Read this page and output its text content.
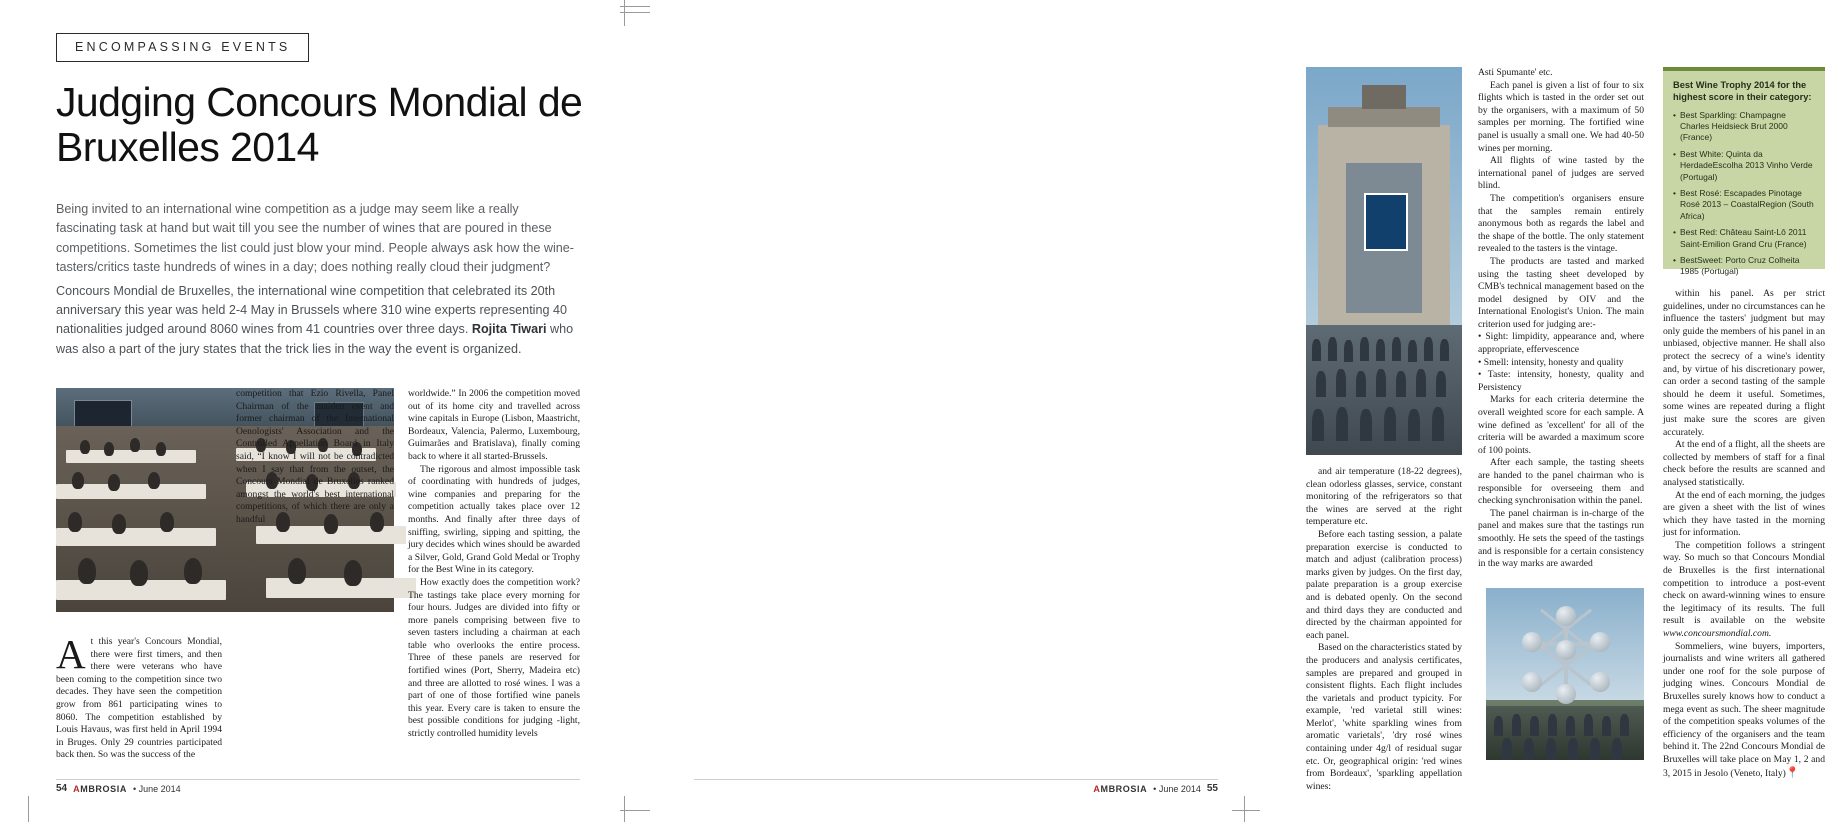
ENCOMPASSING EVENTS
Judging Concours Mondial de Bruxelles 2014

Being invited to an international wine competition as a judge may seem like a really fascinating task at hand but wait till you see the number of wines that are poured in these competitions. Sometimes the list could just blow your mind. People always ask how the wine-tasters/critics taste hundreds of wines in a day; does nothing really cloud their judgment?

Concours Mondial de Bruxelles, the international wine competition that celebrated its 20th anniversary this year was held 2-4 May in Brussels where 310 wine experts representing 40 nationalities judged around 8060 wines from 41 countries over three days. Rojita Tiwari who was also a part of the jury states that the trick lies in the way the event is organized.

At this year's Concours Mondial, there were first timers, and then there were veterans who have been coming to the competition since two decades. They have seen the competition grow from 861 participating wines to 8060. The competition established by Louis Havaus, was first held in April 1994 in Bruges. Only 29 countries participated back then. So was the success of the

competition that Ezio Rivella, Panel Chairman of the maiden event and former chairman of the International Oenologists' Association and the Controlled Appellation Board in Italy said, “I know I will not be contradicted when I say that from the outset, the Concours Mondial de Bruxelles ranked amongst the world's best international competitions, of which there are only a handful

worldwide.” In 2006 the competition moved out of its home city and travelled across wine capitals in Europe (Lisbon, Maastricht, Bordeaux, Valencia, Palermo, Luxembourg, Guimarães and Bratislava), finally coming back to where it all started-Brussels.

The rigorous and almost impossible task of coordinating with hundreds of judges, wine companies and preparing for the competition actually takes place over 12 months. And finally after three days of sniffing, swirling, sipping and spitting, the jury decides which wines should be awarded a Silver, Gold, Grand Gold Medal or Trophy for the Best Wine in its category.

How exactly does the competition work?The tastings take place every morning for four hours. Judges are divided into fifty or more panels comprising between five to seven tasters including a chairman at each table who overlooks the entire process. Three of these panels are reserved for fortified wines (Port, Sherry, Madeira etc) and three are allotted to rosé wines. I was a part of one of those fortified wine panels this year. Every care is taken to ensure the best possible conditions for judging -light, strictly controlled humidity levels

54 AMBROSIA • June 2014

and air temperature (18-22 degrees), clean odorless glasses, service, constant monitoring of the refrigerators so that the wines are served at the right temperature etc.

Before each tasting session, a palate preparation exercise is conducted to match and adjust (calibration process) marks given by judges. On the first day, palate preparation is a group exercise and is debated openly. On the second and third days they are conducted and directed by the chairman appointed for each panel.

Based on the characteristics stated by the producers and analysis certificates, samples are prepared and grouped in consistent flights. Each flight includes the varietals and product typicity. For example, 'red varietal still wines: Merlot', 'white sparkling wines from aromatic varietals', 'dry rosé wines containing under 4g/l of residual sugar etc. Or, geographical origin: 'red wines from Bordeaux', 'sparkling appellation wines:

Asti Spumante' etc.

Each panel is given a list of four to six flights which is tasted in the order set out by the organisers, with a maximum of 50 samples per morning. The fortified wine panel is usually a small one. We had 40-50 wines per morning.

All flights of wine tasted by the international panel of judges are served blind.

The competition's organisers ensure that the samples remain entirely anonymous both as regards the label and the shape of the bottle. The only statement revealed to the tasters is the vintage.

The products are tasted and marked using the tasting sheet developed by CMB's technical management based on the model designed by OIV and the International Enologist's Union. The main criterion used for judging are:-

• Sight: limpidity, appearance and, where appropriate, effervescence

• Smell: intensity, honesty and quality

• Taste: intensity, honesty, quality and Persistency

Marks for each criteria determine the overall weighted score for each sample. A wine defined as 'excellent' for all of the criteria will be awarded a maximum score of 100 points.

After each sample, the tasting sheets are handed to the panel chairman who is responsible for overseeing them and checking synchronisation within the panel.

The panel chairman is in-charge of the panel and makes sure that the tastings run smoothly. He sets the speed of the tastings and is responsible for a certain consistency in the way marks are awarded

Best Wine Trophy 2014 for the highest score in their category:
• Best Sparkling: Champagne Charles Heidsieck Brut 2000 (France)
• Best White: Quinta da HerdadeEscolha 2013 Vinho Verde (Portugal)
• Best Rosé: Escapades Pinotage Rosé 2013 – CoastalRegion (South Africa)
• Best Red: Château Saint-Lô 2011 Saint-Emilion Grand Cru (France)
• BestSweet: Porto Cruz Colheita 1985 (Portugal)

within his panel. As per strict guidelines, under no circumstances can he influence the tasters' judgment but may only guide the members of his panel in an unbiased, objective manner. He shall also protect the secrecy of a wine's identity and, by virtue of his discretionary power, can order a second tasting of the sample should he deem it useful. Sometimes, some wines are repeated during a flight just make sure the scores are given accurately.

At the end of a flight, all the sheets are collected by members of staff for a final check before the results are scanned and analysed statistically.

At the end of each morning, the judges are given a sheet with the list of wines which they have tasted in the morning just for information.

The competition follows a stringent way. So much so that Concours Mondial de Bruxelles is the first international competition to introduce a post-event check on award-winning wines to ensure the legitimacy of its results. The full result is available on the website www.concoursmondial.com.

Sommeliers, wine buyers, importers, journalists and wine writers all gathered under one roof for the sole purpose of judging wines. Concours Mondial de Bruxelles surely knows how to conduct a mega event as such. The sheer magnitude of the competition speaks volumes of the efficiency of the organisers and the team behind it. The 22nd Concours Mondial de Bruxelles will take place on May 1, 2 and 3, 2015 in Jesolo (Veneto, Italy)📍

AMBROSIA • June 2014 55
